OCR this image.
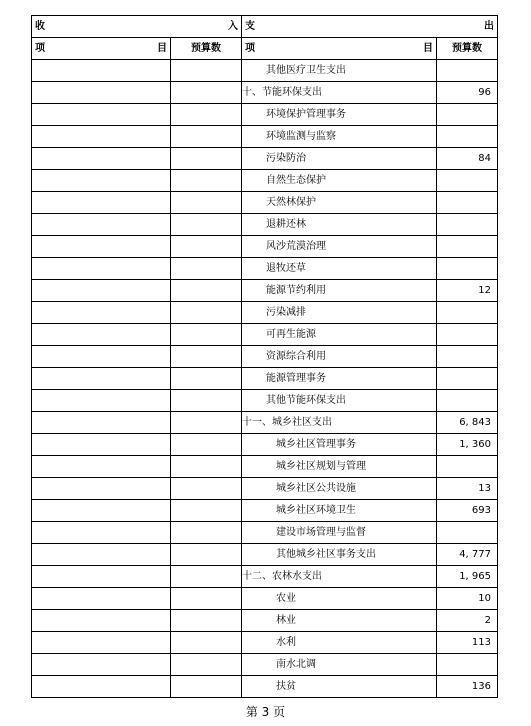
收 入		支 出	

项 目	预算数	项 目	预算数
		其他医疗卫生支出	
		十、节能环保支出	96
		环境保护管理事务	
		环境监测与监察	
		污染防治	84
		自然生态保护	
		天然林保护	
		退耕还林	
		风沙荒漠治理	
		退牧还草	
		能源节约利用	12
		污染减排	
		可再生能源	
		资源综合利用	
		能源管理事务	
		其他节能环保支出	
		十一、城乡社区支出	6, 843
		城乡社区管理事务	1, 360
		城乡社区规划与管理	
		城乡社区公共设施	13
		城乡社区环境卫生	693
		建设市场管理与监督	
		其他城乡社区事务支出	4, 777
		十二、农林水支出	1, 965
		农业	10
		林业	2
		水利	113
		南水北调	
		扶贫	136
第 3 页
